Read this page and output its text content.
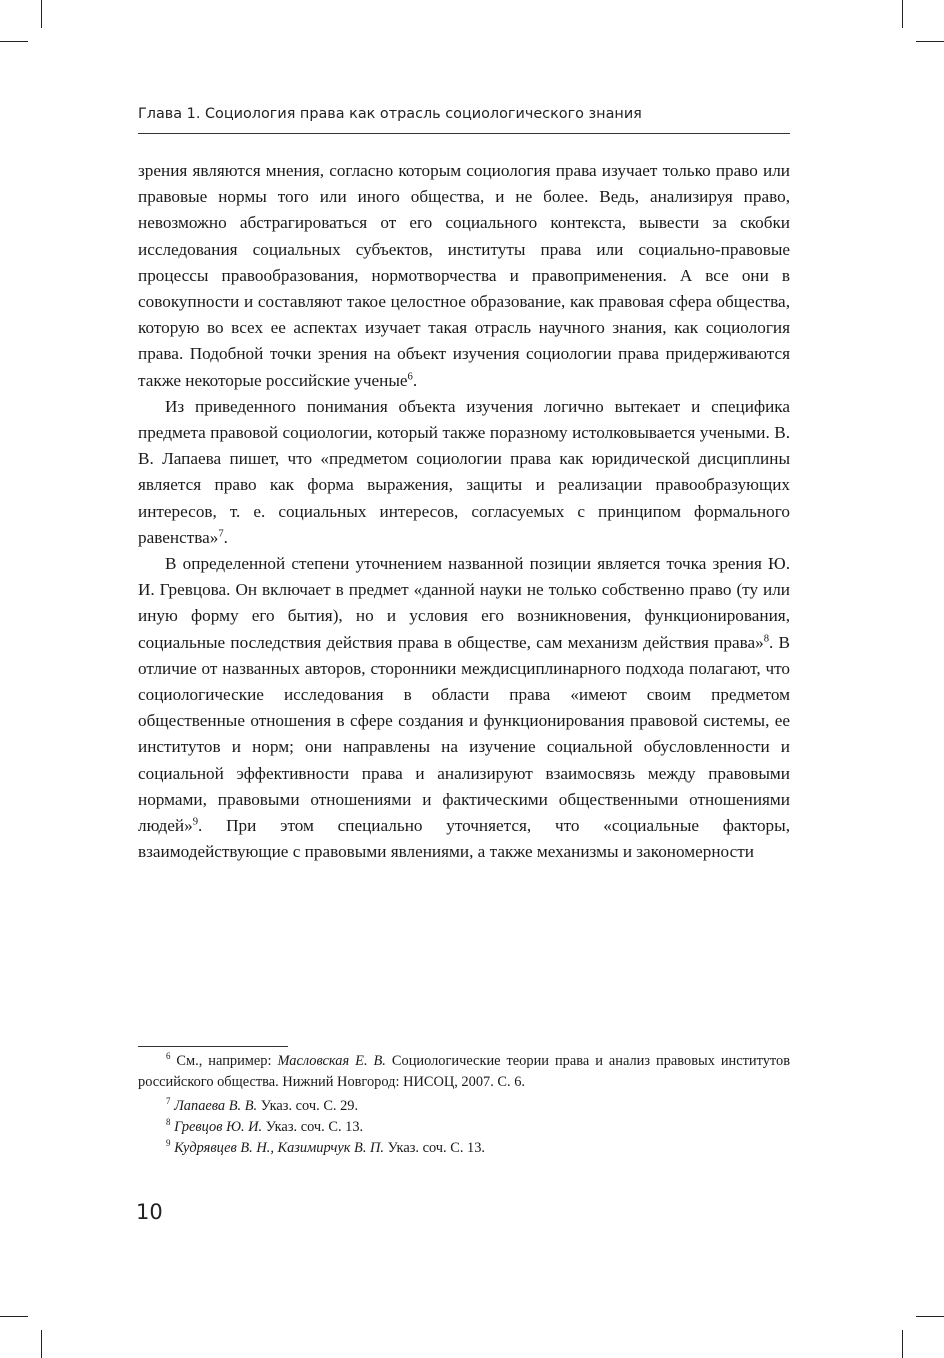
Глава 1. Социология права как отрасль социологического знания

зрения являются мнения, согласно которым социология права изучает только право или правовые нормы того или иного общества, и не более. Ведь, анализируя право, невозможно абстрагироваться от его социального контекста, вывести за скобки исследования социальных субъектов, институты права или социально-правовые процессы правообразования, нормотворчества и правоприменения. А все они в совокупности и составляют такое целостное образование, как правовая сфера общества, которую во всех ее аспектах изучает такая отрасль научного знания, как социология права. Подобной точки зрения на объект изучения социологии права придерживаются также некоторые российские ученые$^6$.

Из приведенного понимания объекта изучения логично вытекает и специфика предмета правовой социологии, который также поразному истолковывается учеными. В. В. Лапаева пишет, что «предметом социологии права как юридической дисциплины является право как форма выражения, защиты и реализации правообразующих интересов, т. е. социальных интересов, согласуемых с принципом формального равенства»$^7$.

В определенной степени уточнением названной позиции является точка зрения Ю. И. Гревцова. Он включает в предмет «данной науки не только собственно право (ту или иную форму его бытия), но и условия его возникновения, функционирования, социальные последствия действия права в обществе, сам механизм действия права»$^8$. В отличие от названных авторов, сторонники междисциплинарного подхода полагают, что социологические исследования в области права «имеют своим предметом общественные отношения в сфере создания и функционирования правовой системы, ее институтов и норм; они направлены на изучение социальной обусловленности и социальной эффективности права и анализируют взаимосвязь между правовыми нормами, правовыми отношениями и фактическими общественными отношениями людей»$^9$. При этом специально уточняется, что «социальные факторы, взаимодействующие с правовыми явлениями, а также механизмы и закономерности

$^6$ См., например: Масловская Е. В. Социологические теории права и анализ правовых институтов российского общества. Нижний Новгород: НИСОЦ, 2007. С. 6.

$^7$ Лапаева В. В. Указ. соч. С. 29.

$^8$ Гревцов Ю. И. Указ. соч. С. 13.

$^9$ Кудрявцев В. Н., Казимирчук В. П. Указ. соч. С. 13.

10
